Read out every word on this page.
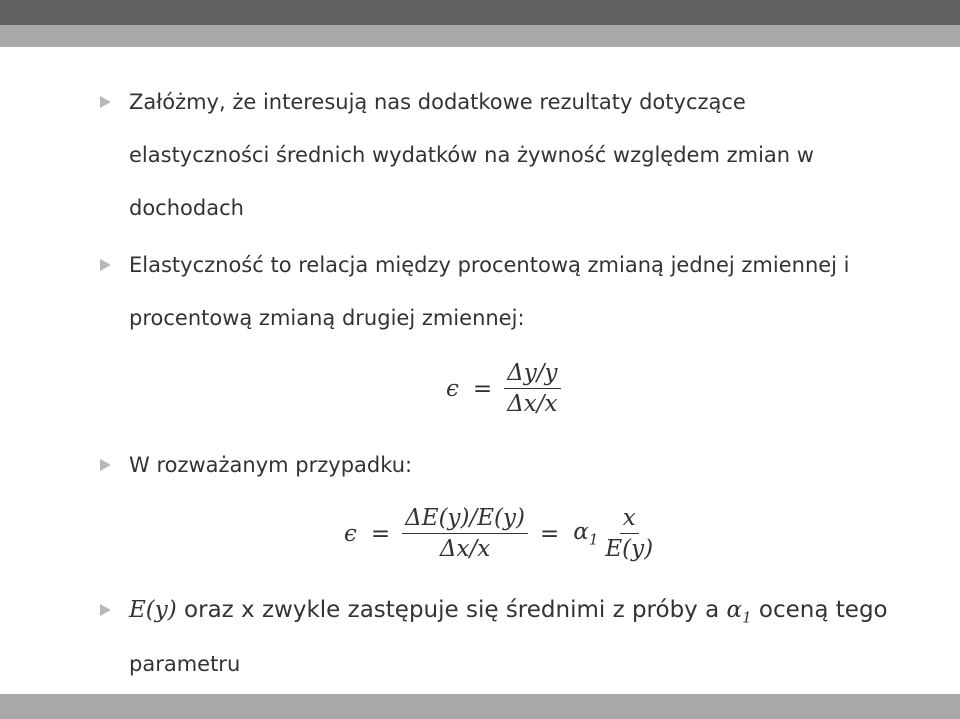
Załóżmy, że interesują nas dodatkowe rezultaty dotyczące
elastyczności średnich wydatków na żywność względem zmian w
dochodach
Elastyczność to relacja między procentową zmianą jednej zmiennej i
procentową zmianą drugiej zmiennej:
$\epsilon = \frac{\Delta y/y}{\Delta x/x}$
W rozważanym przypadku:
$\epsilon = \frac{\Delta E(y)/E(y)}{\Delta x/x} = \alpha_1 \frac{x}{E(y)}$
E(y) oraz x zwykle zastępuje się średnimi z próby a $\alpha_1$ oceną tego
parametru
